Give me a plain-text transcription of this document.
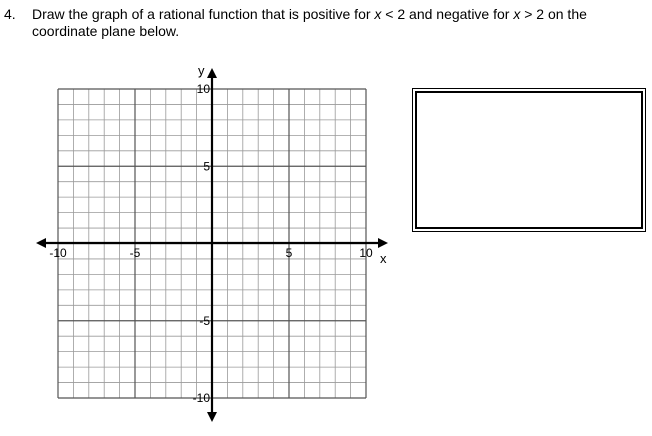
4. Draw the graph of a rational function that is positive for x < 2 and negative for x > 2 on the
coordinate plane below.
-10	-5	5	10
10
5
-5
-10
x
y
